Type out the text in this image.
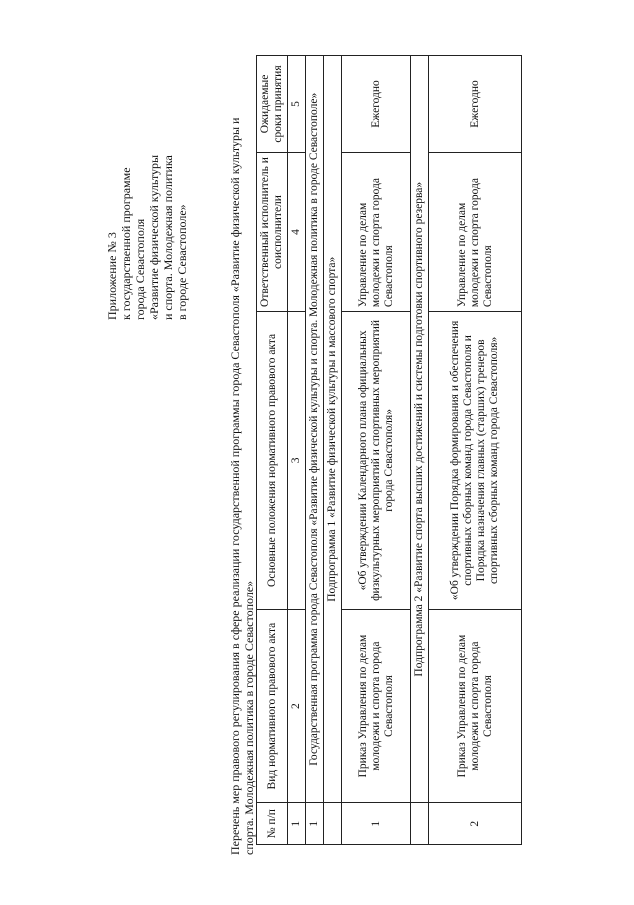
Приложение № 3 к государственной программе города Севастополя «Развитие физической культуры и спорта. Молодежная политика в городе Севастополе»	Перечень мер правового регулирования в сфере реализации государственной программы города Севастополя «Развитие физической культуры и спорта. Молодежная политика в городе Севастополе» № п/п	Вид нормативного правового акта	Основные положения нормативного правового акта	Ответственный исполнитель и соисполнители	Ожидаемые сроки принятия
1	2	3	4	5
1	Государственная программа города Севастополя «Развитие физической культуры и спорта. Молодежная политика в городе Севастополе»			
	Подпрограмма 1 «Развитие физической культуры и массового спорта»			
1	Приказ Управления по делам молодежи и спорта города Севастополя	«Об утверждении Календарного плана официальных физкультурных мероприятий и спортивных мероприятий города Севастополя»	Управление по делам молодежи и спорта города Севастополя	Ежегодно
	Подпрограмма 2 «Развитие спорта высших достижений и системы подготовки спортивного резерва»			
2	Приказ Управления по делам молодежи и спорта города Севастополя	«Об утверждении Порядка формирования и обеспечения спортивных сборных команд города Севастополя и Порядка назначения главных (старших) тренеров спортивных сборных команд города Севастополя»	Управление по делам молодежи и спорта города Севастополя	Ежегодно
